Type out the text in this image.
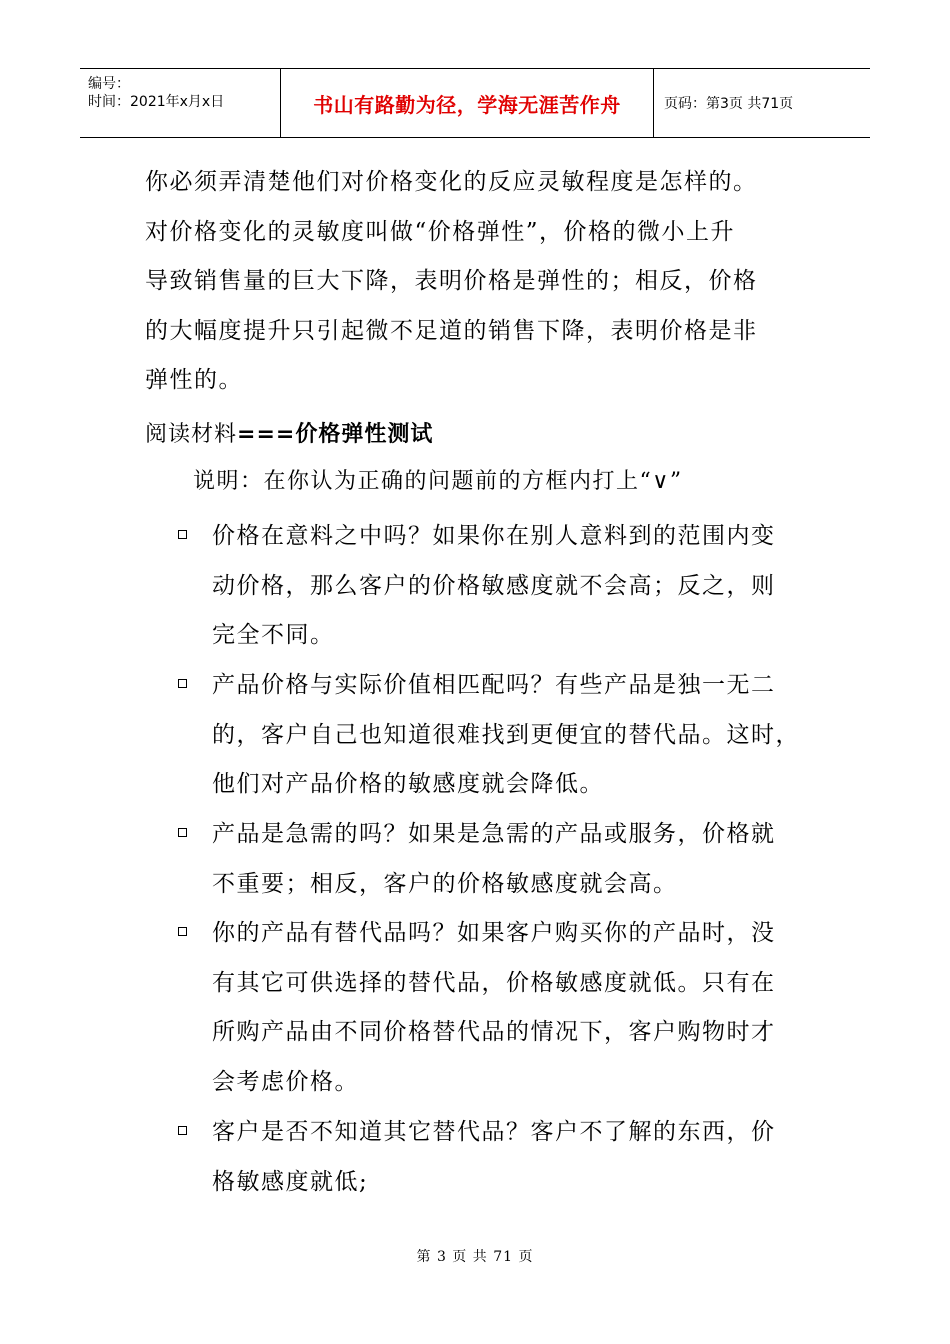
编号：
时间：2021年x月x日	书山有路勤为径，学海无涯苦作舟	页码：第3页 共71页
你必须弄清楚他们对价格变化的反应灵敏程度是怎样的。
对价格变化的灵敏度叫做“价格弹性”，价格的微小上升
导致销售量的巨大下降，表明价格是弹性的；相反，价格
的大幅度提升只引起微不足道的销售下降，表明价格是非
弹性的。
阅读材料===价格弹性测试
说明：在你认为正确的问题前的方框内打上“∨”
价格在意料之中吗？如果你在别人意料到的范围内变
动价格，那么客户的价格敏感度就不会高；反之，则
完全不同。
产品价格与实际价值相匹配吗？有些产品是独一无二
的，客户自己也知道很难找到更便宜的替代品。这时，
他们对产品价格的敏感度就会降低。
产品是急需的吗？如果是急需的产品或服务，价格就
不重要；相反，客户的价格敏感度就会高。
你的产品有替代品吗？如果客户购买你的产品时，没
有其它可供选择的替代品，价格敏感度就低。只有在
所购产品由不同价格替代品的情况下，客户购物时才
会考虑价格。
客户是否不知道其它替代品？客户不了解的东西，价
格敏感度就低;
第 3 页 共 71 页
